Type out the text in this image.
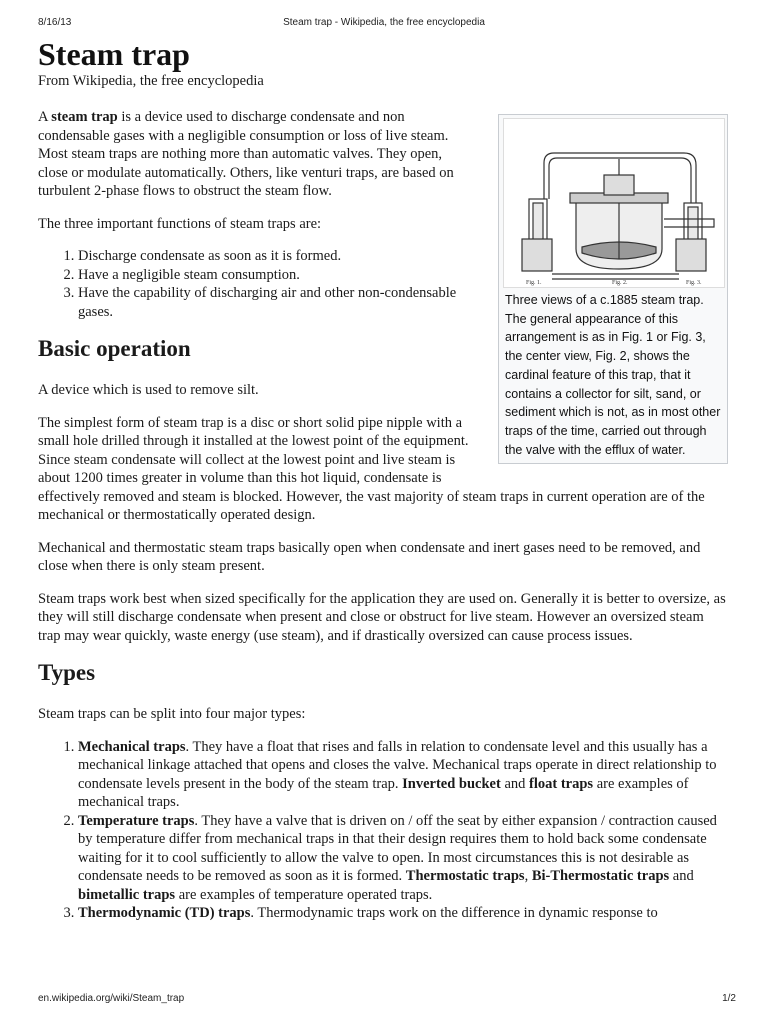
8/16/13	Steam trap - Wikipedia, the free encyclopedia
Steam trap
From Wikipedia, the free encyclopedia
Fig. 1.	Fig. 2.	Fig. 3.
Three views of a c.1885 steam trap. The general appearance of this arrangement is as in Fig. 1 or Fig. 3, the center view, Fig. 2, shows the cardinal feature of this trap, that it contains a collector for silt, sand, or sediment which is not, as in most other traps of the time, carried out through the valve with the efflux of water.

A steam trap is a device used to discharge condensate and non condensable gases with a negligible consumption or loss of live steam. Most steam traps are nothing more than automatic valves. They open, close or modulate automatically. Others, like venturi traps, are based on turbulent 2-phase flows to obstruct the steam flow.

The three important functions of steam traps are:

1. Discharge condensate as soon as it is formed.
2. Have a negligible steam consumption.
3. Have the capability of discharging air and other non-condensable gases.
Basic operation

A device which is used to remove silt.

The simplest form of steam trap is a disc or short solid pipe nipple with a small hole drilled through it installed at the lowest point of the equipment. Since steam condensate will collect at the lowest point and live steam is about 1200 times greater in volume than this hot liquid, condensate is effectively removed and steam is blocked. However, the vast majority of steam traps in current operation are of the mechanical or thermostatically operated design.

Mechanical and thermostatic steam traps basically open when condensate and inert gases need to be removed, and close when there is only steam present.

Steam traps work best when sized specifically for the application they are used on. Generally it is better to oversize, as they will still discharge condensate when present and close or obstruct for live steam. However an oversized steam trap may wear quickly, waste energy (use steam), and if drastically oversized can cause process issues.

Types

Steam traps can be split into four major types:

1. Mechanical traps. They have a float that rises and falls in relation to condensate level and this usually has a mechanical linkage attached that opens and closes the valve. Mechanical traps operate in direct relationship to condensate levels present in the body of the steam trap. Inverted bucket and float traps are examples of mechanical traps.
2. Temperature traps. They have a valve that is driven on / off the seat by either expansion / contraction caused by temperature differ from mechanical traps in that their design requires them to hold back some condensate waiting for it to cool sufficiently to allow the valve to open. In most circumstances this is not desirable as condensate needs to be removed as soon as it is formed. Thermostatic traps, Bi-Thermostatic traps and bimetallic traps are examples of temperature operated traps.
3. Thermodynamic (TD) traps. Thermodynamic traps work on the difference in dynamic response to
en.wikipedia.org/wiki/Steam_trap	1/2
